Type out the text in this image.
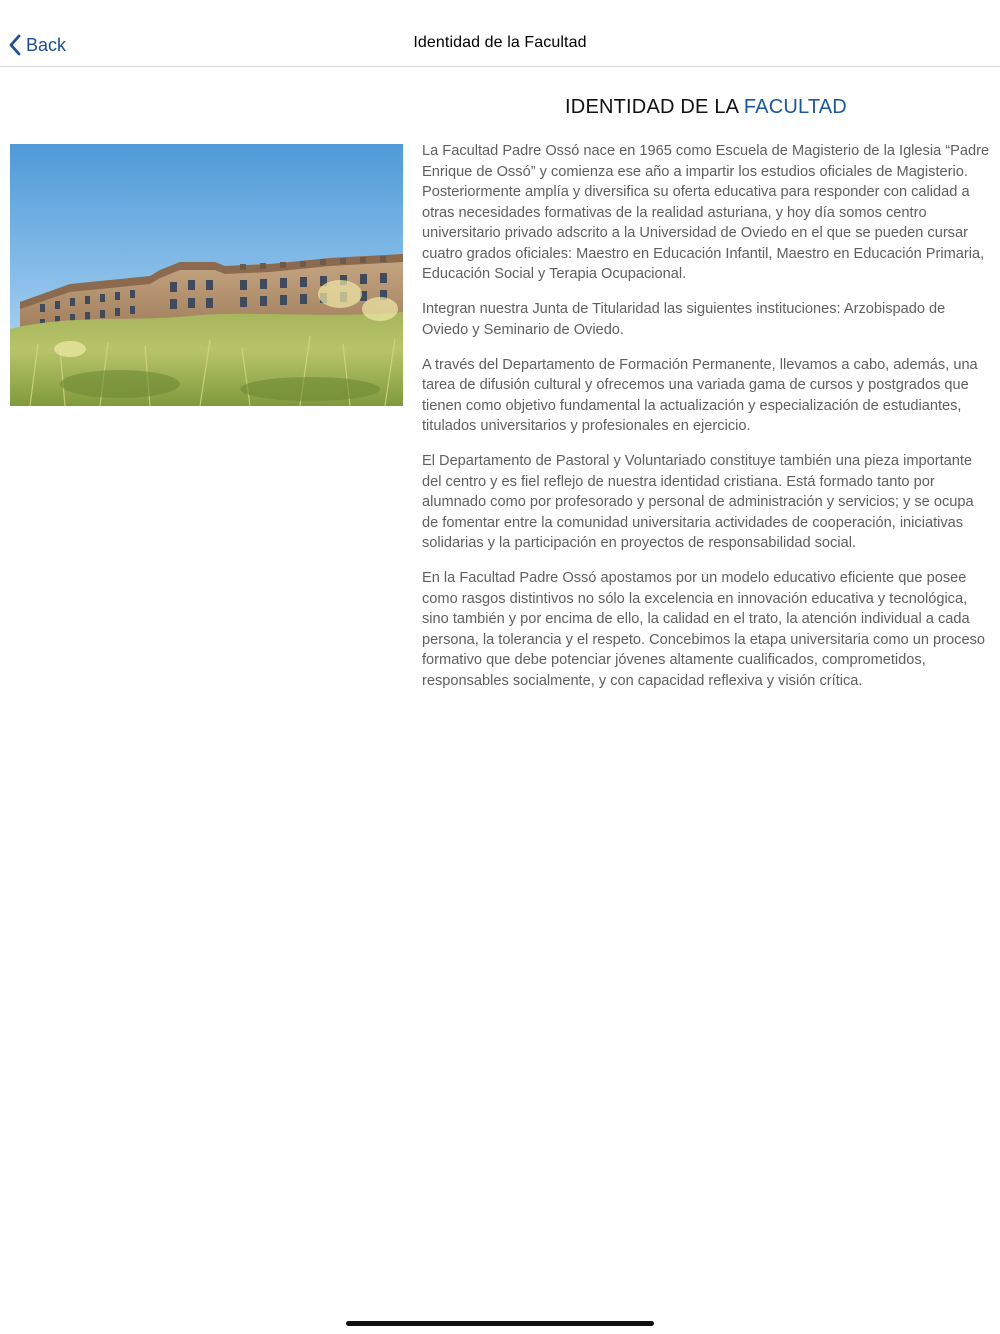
Back	Identidad de la Facultad
IDENTIDAD DE LA FACULTAD

La Facultad Padre Ossó nace en 1965 como Escuela de Magisterio de la Iglesia “Padre Enrique de Ossó” y comienza ese año a impartir los estudios oficiales de Magisterio. Posteriormente amplía y diversifica su oferta educativa para responder con calidad a otras necesidades formativas de la realidad asturiana, y hoy día somos centro universitario privado adscrito a la Universidad de Oviedo en el que se pueden cursar cuatro grados oficiales: Maestro en Educación Infantil, Maestro en Educación Primaria, Educación Social y Terapia Ocupacional.

Integran nuestra Junta de Titularidad las siguientes instituciones: Arzobispado de Oviedo y Seminario de Oviedo.

A través del Departamento de Formación Permanente, llevamos a cabo, además, una tarea de difusión cultural y ofrecemos una variada gama de cursos y postgrados que tienen como objetivo fundamental la actualización y especialización de estudiantes, titulados universitarios y profesionales en ejercicio.

El Departamento de Pastoral y Voluntariado constituye también una pieza importante del centro y es fiel reflejo de nuestra identidad cristiana. Está formado tanto por alumnado como por profesorado y personal de administración y servicios; y se ocupa de fomentar entre la comunidad universitaria actividades de cooperación, iniciativas solidarias y la participación en proyectos de responsabilidad social.

En la Facultad Padre Ossó apostamos por un modelo educativo eficiente que posee como rasgos distintivos no sólo la excelencia en innovación educativa y tecnológica, sino también y por encima de ello, la calidad en el trato, la atención individual a cada persona, la tolerancia y el respeto. Concebimos la etapa universitaria como un proceso formativo que debe potenciar jóvenes altamente cualificados, comprometidos, responsables socialmente, y con capacidad reflexiva y visión crítica.
